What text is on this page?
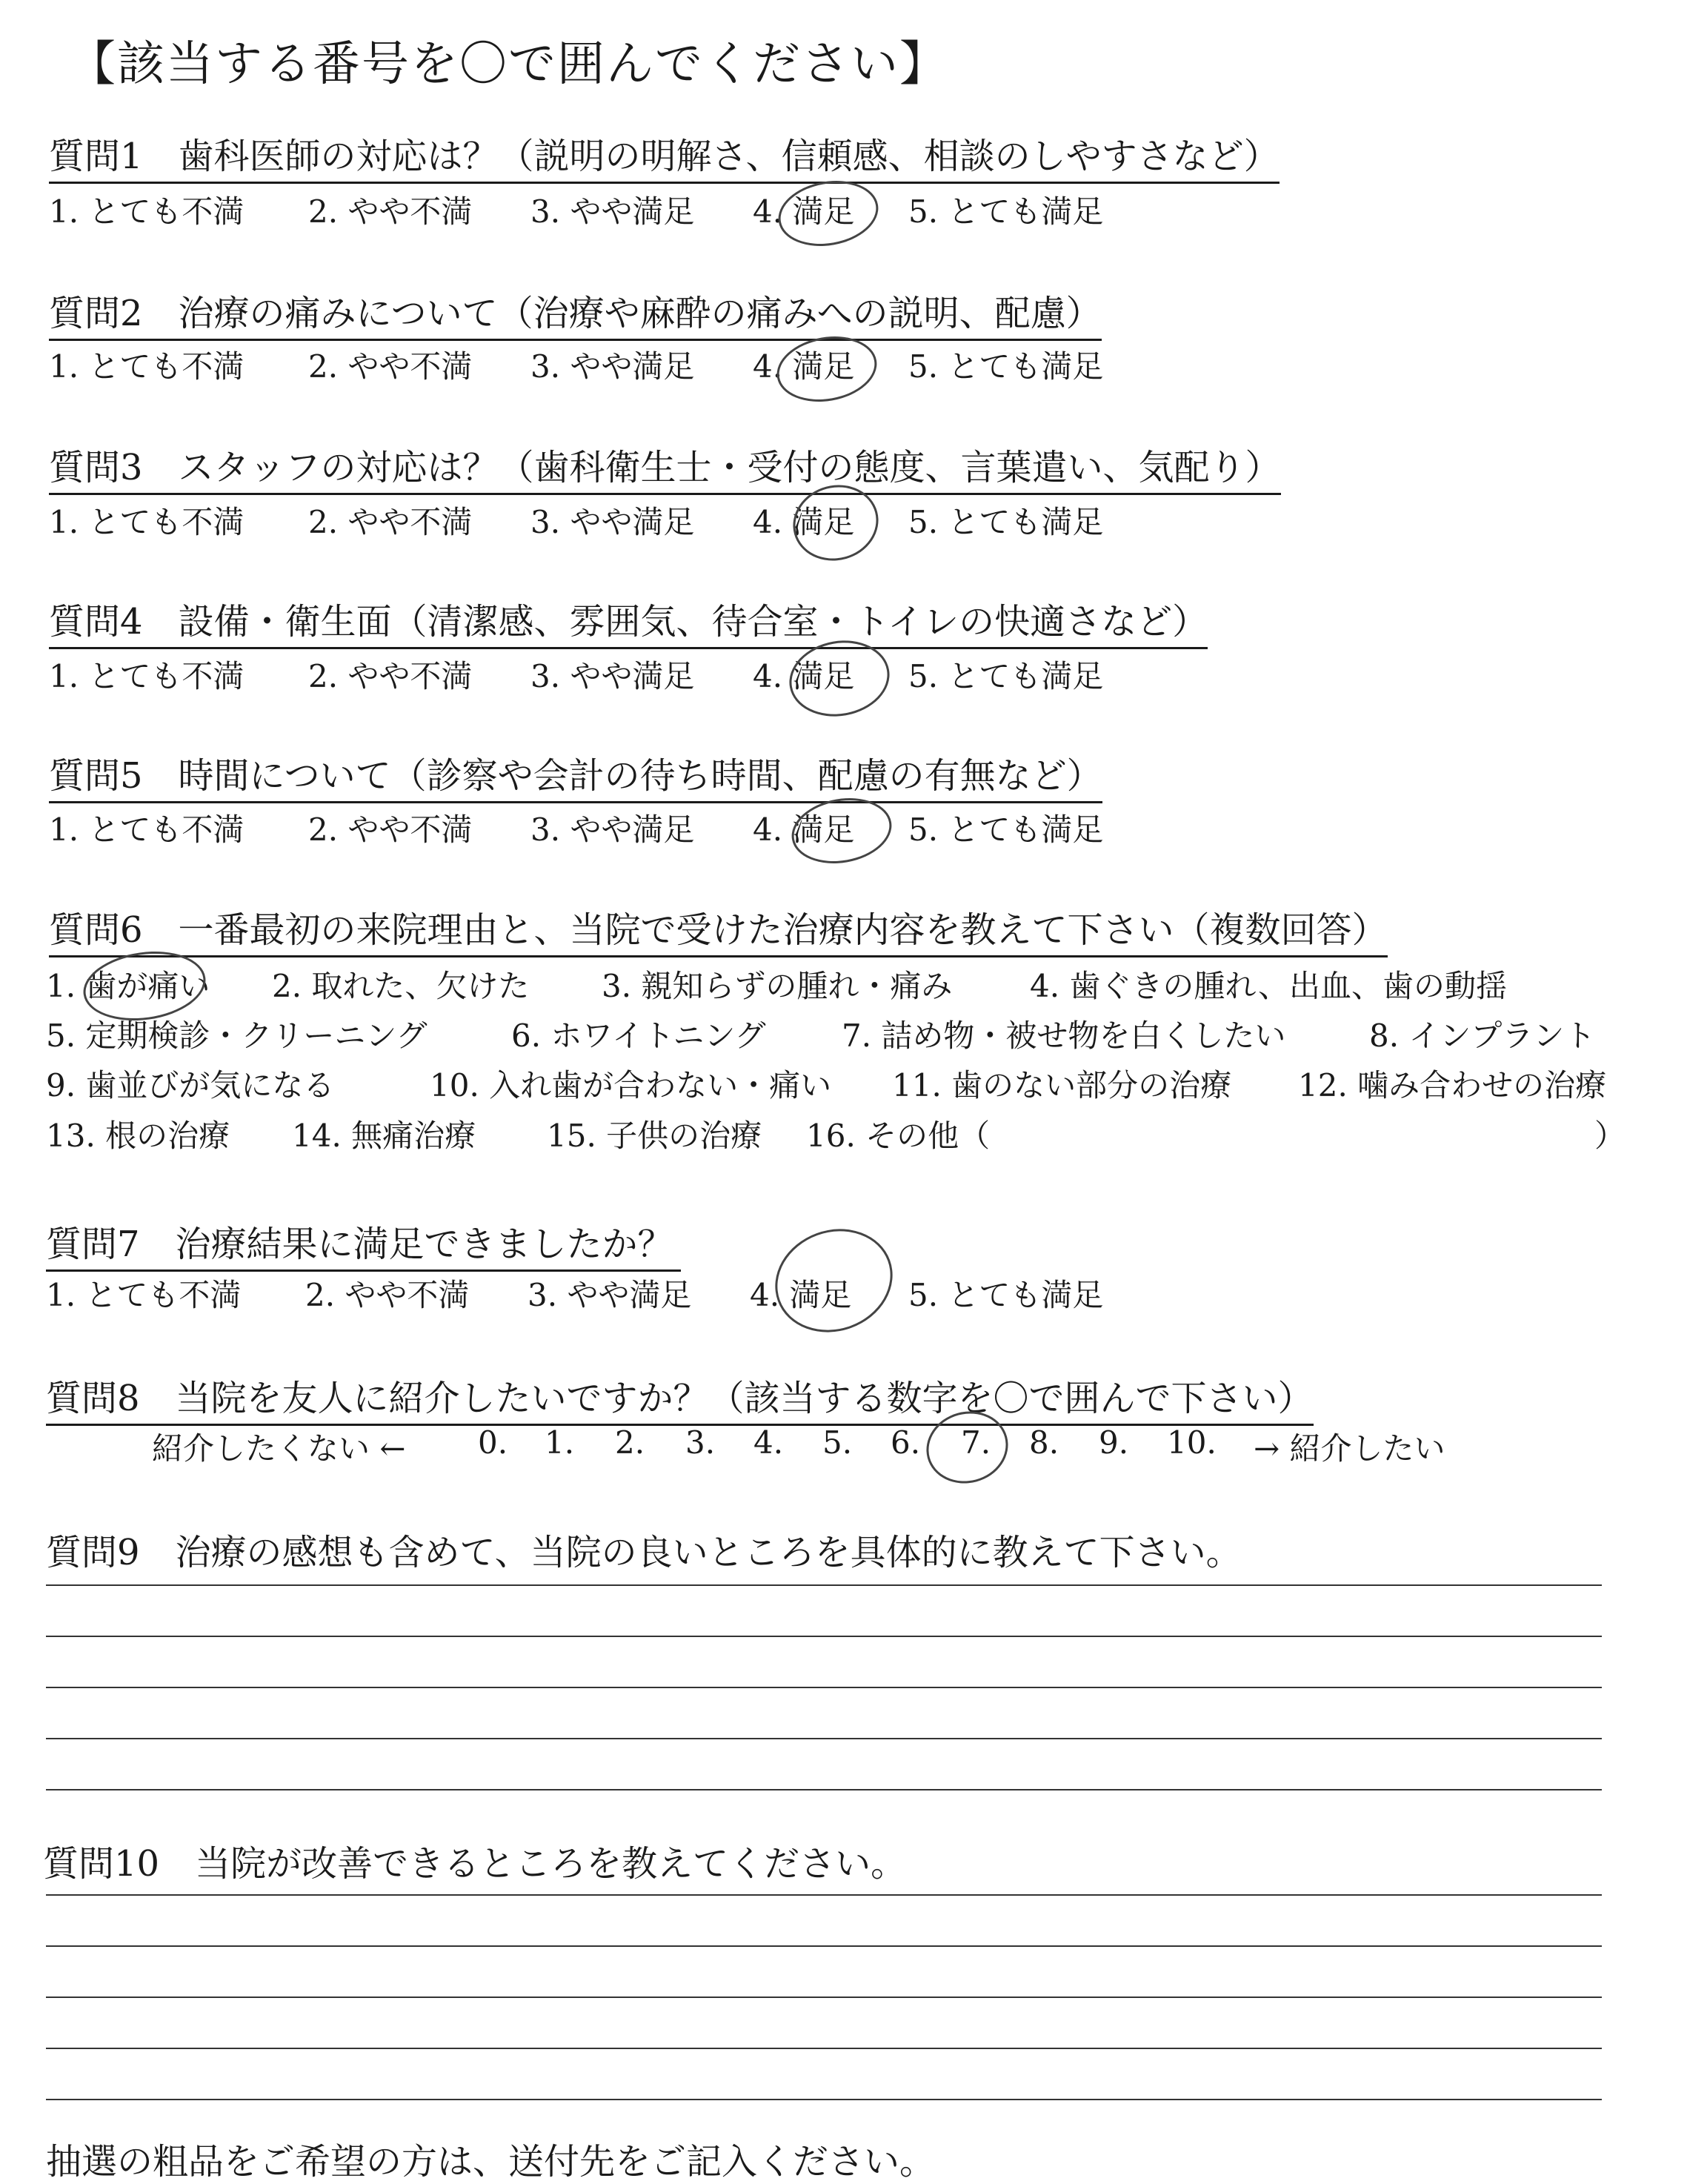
【該当する番号を〇で囲んでください】
質問1　歯科医師の対応は？（説明の明解さ、信頼感、相談のしやすさなど）
1. とても不満 2. やや不満 3. やや満足 4. 満足 5. とても満足
質問2　治療の痛みについて（治療や麻酔の痛みへの説明、配慮）
1. とても不満 2. やや不満 3. やや満足 4. 満足 5. とても満足
質問3　スタッフの対応は？（歯科衛生士・受付の態度、言葉遣い、気配り）
1. とても不満 2. やや不満 3. やや満足 4. 満足 5. とても満足
質問4　設備・衛生面（清潔感、雰囲気、待合室・トイレの快適さなど）
1. とても不満 2. やや不満 3. やや満足 4. 満足 5. とても満足
質問5　時間について（診察や会計の待ち時間、配慮の有無など）
1. とても不満 2. やや不満 3. やや満足 4. 満足 5. とても満足
質問6　一番最初の来院理由と、当院で受けた治療内容を教えて下さい（複数回答）
1. 歯が痛い 2. 取れた、欠けた 3. 親知らずの腫れ・痛み 4. 歯ぐきの腫れ、出血、歯の動揺
5. 定期検診・クリーニング	6. ホワイトニング 7. 詰め物・被せ物を白くしたい	8. インプラント
9. 歯並びが気になる	10. 入れ歯が合わない・痛い 11. 歯のない部分の治療 12. 噛み合わせの治療
13. 根の治療 14. 無痛治療 15. 子供の治療 16. その他（	）
質問7　治療結果に満足できましたか？
1. とても不満 2. やや不満 3. やや満足 4. 満足 5. とても満足
質問8　当院を友人に紹介したいですか？（該当する数字を〇で囲んで下さい）
紹介したくない ← 0. 1. 2. 3. 4. 5. 6. 7. 8. 9. 10. → 紹介したい
質問9　治療の感想も含めて、当院の良いところを具体的に教えて下さい。
質問10　当院が改善できるところを教えてください。
抽選の粗品をご希望の方は、送付先をご記入ください。
